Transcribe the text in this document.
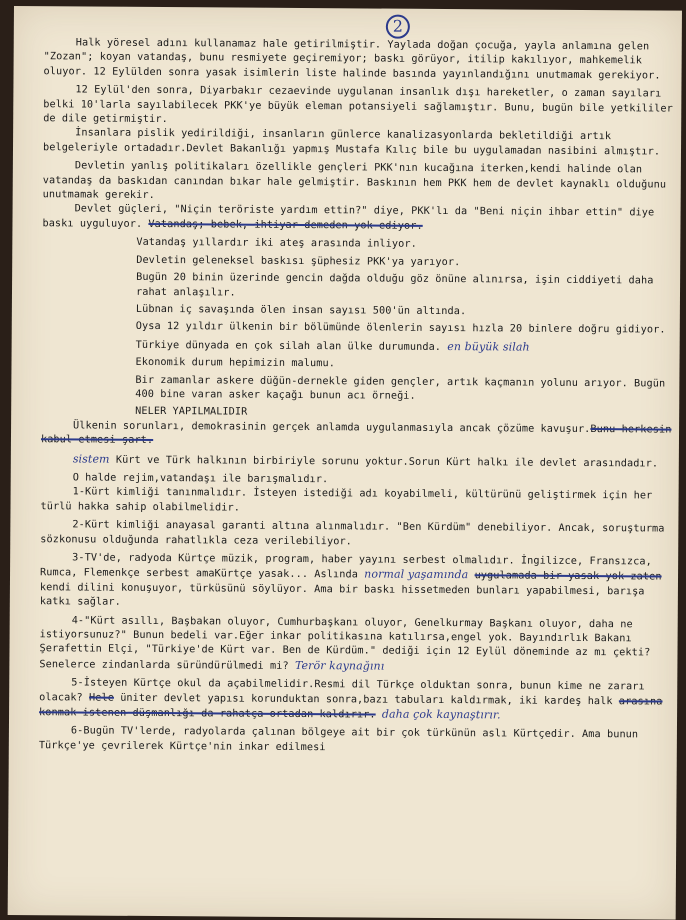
2

Halk yöresel adını kullanamaz hale getirilmiştir. Yaylada doğan çocuğa, yayla anlamına gelen "Zozan"; koyan vatandaş, bunu resmiyete geçiremiyor; baskı görüyor, itilip kakılıyor, mahkemelik oluyor. 12 Eylülden sonra yasak isimlerin liste halinde basında yayınlandığını unutmamak gerekiyor.

12 Eylül'den sonra, Diyarbakır cezaevinde uygulanan insanlık dışı hareketler, o zaman sayıları belki 10'larla sayılabilecek PKK'ye büyük eleman potansiyeli sağlamıştır. Bunu, bugün bile yetkililer de dile getirmiştir.

İnsanlara pislik yedirildiği, insanların günlerce kanalizasyonlarda bekletildiği artık belgeleriyle ortadadır.Devlet Bakanlığı yapmış Mustafa Kılıç bile bu uygulamadan nasibini almıştır.

Devletin yanlış politikaları özellikle gençleri PKK'nın kucağına iterken,kendi halinde olan vatandaş da baskıdan canından bıkar hale gelmiştir. Baskının hem PKK hem de devlet kaynaklı olduğunu unutmamak gerekir.

Devlet güçleri, "Niçin teröriste yardım ettin?" diye, PKK'lı da "Beni niçin ihbar ettin" diye baskı uyguluyor. Vatandaş; bebek, ihtiyar demeden yok ediyor.

Vatandaş yıllardır iki ateş arasında inliyor.

Devletin geleneksel baskısı şüphesiz PKK'ya yarıyor.

Bugün 20 binin üzerinde gencin dağda olduğu göz önüne alınırsa, işin ciddiyeti daha rahat anlaşılır.

Lübnan iç savaşında ölen insan sayısı 500'ün altında.

Oysa 12 yıldır ülkenin bir bölümünde ölenlerin sayısı hızla 20 binlere doğru gidiyor.

Türkiye dünyada en çok silah alan ülke durumunda. en büyük silah

Ekonomik durum hepimizin malumu.

Bir zamanlar askere düğün-dernekle giden gençler, artık kaçmanın yolunu arıyor. Bugün 400 bine varan asker kaçağı bunun acı örneği.

NELER YAPILMALIDIR

Ülkenin sorunları, demokrasinin gerçek anlamda uygulanmasıyla ancak çözüme kavuşur.Bunu herkesin kabul etmesi şart.

sistem Kürt ve Türk halkının birbiriyle sorunu yoktur.Sorun Kürt halkı ile devlet arasındadır.

O halde rejim,vatandaşı ile barışmalıdır.

1-Kürt kimliği tanınmalıdır. İsteyen istediği adı koyabilmeli, kültürünü geliştirmek için her türlü hakka sahip olabilmelidir.

2-Kürt kimliği anayasal garanti altına alınmalıdır. "Ben Kürdüm" denebiliyor. Ancak, soruşturma sözkonusu olduğunda rahatlıkla ceza verilebiliyor.

3-TV'de, radyoda Kürtçe müzik, program, haber yayını serbest olmalıdır. İngilizce, Fransızca, Rumca, Flemenkçe serbest amaKürtçe yasak... Aslında normal yaşamında uygulamada bir yasak yok zaten kendi dilini konuşuyor, türküsünü söylüyor. Ama bir baskı hissetmeden bunları yapabilmesi, barışa katkı sağlar.

4-"Kürt asıllı, Başbakan oluyor, Cumhurbaşkanı oluyor, Genelkurmay Başkanı oluyor, daha ne istiyorsunuz?" Bunun bedeli var.Eğer inkar politikasına katılırsa,engel yok. Bayındırlık Bakanı Şerafettin Elçi, "Türkiye'de Kürt var. Ben de Kürdüm." dediği için 12 Eylül döneminde az mı çekti?Senelerce zindanlarda süründürülmedi mi? Terör kaynağını

5-İsteyen Kürtçe okul da açabilmelidir.Resmi dil Türkçe olduktan sonra, bunun kime ne zararı olacak? Hele üniter devlet yapısı korunduktan sonra,bazı tabuları kaldırmak, iki kardeş halk arasına konmak istenen düşmanlığı da rahatça ortadan kaldırır. daha çok kaynaştırır.

6-Bugün TV'lerde, radyolarda çalınan bölgeye ait bir çok türkünün aslı Kürtçedir. Ama bunun Türkçe'ye çevrilerek Kürtçe'nin inkar edilmesi
